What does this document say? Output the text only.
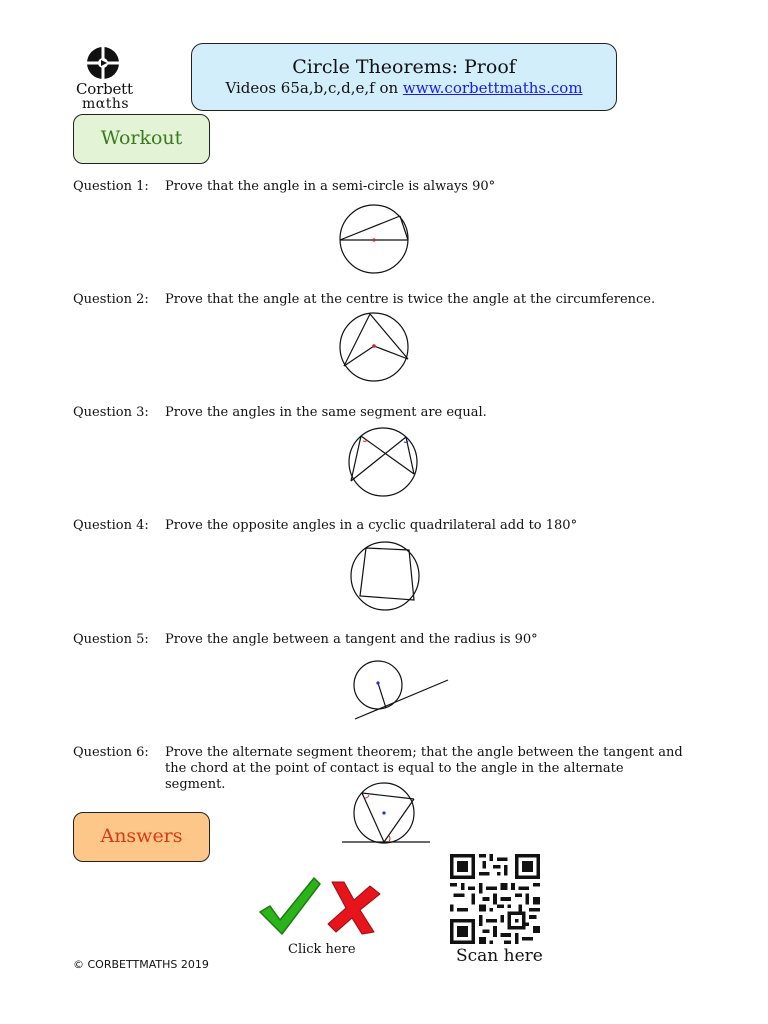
Corbett
mαths
Circle Theorems: Proof
Videos 65a,b,c,d,e,f on www.corbettmaths.com
Workout
Question 1: Prove that the angle in a semi-circle is always 90°
Question 2: Prove that the angle at the centre is twice the angle at the circumference.
Question 3: Prove the angles in the same segment are equal.
Question 4: Prove the opposite angles in a cyclic quadrilateral add to 180°
Question 5: Prove the angle between a tangent and the radius is 90°
Question 6: Prove the alternate segment theorem; that the angle between the tangent and the chord at the point of contact is equal to the angle in the alternate segment.
Answers
Click here	Scan here
© CORBETTMATHS 2019
